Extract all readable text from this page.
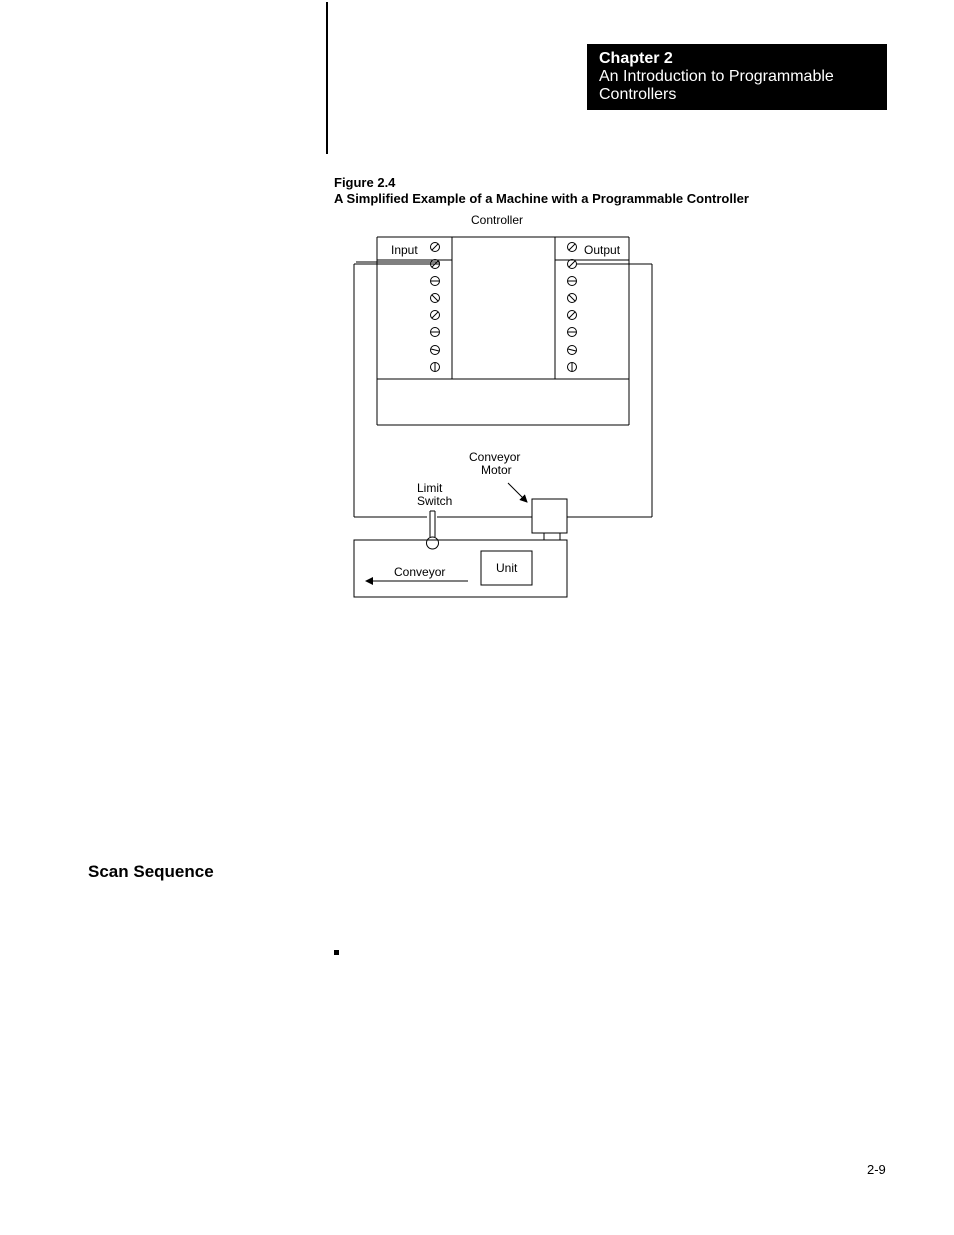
Chapter 2
An Introduction to Programmable
Controllers
Figure 2.4
A Simplified Example of a Machine with a Programmable Controller
Controller
Input	Output
Conveyor
Motor
Limit
Switch
Conveyor	Unit
Scan Sequence
2-9
